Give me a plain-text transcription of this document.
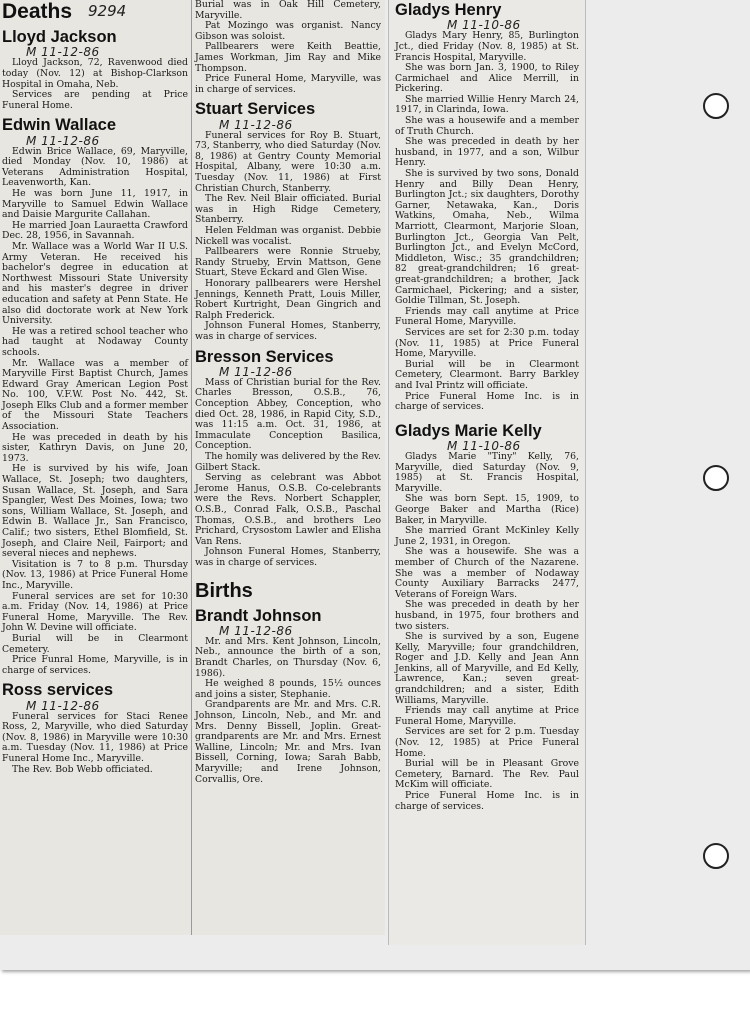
9294
Deaths
Lloyd Jackson

M 11-12-86

Lloyd Jackson, 72, Ravenwood died today (Nov. 12) at Bishop-Clarkson Hospital in Omaha, Neb.

Services are pending at Price Funeral Home.

Edwin Wallace

M 11-12-86

Edwin Brice Wallace, 69, Maryville, died Monday (Nov. 10, 1986) at Veterans Administration Hospital, Leavenworth, Kan.

He was born June 11, 1917, in Maryville to Samuel Edwin Wallace and Daisie Margurite Callahan.

He married Joan Lauraetta Crawford Dec. 28, 1956, in Savannah.

Mr. Wallace was a World War II U.S. Army Veteran. He received his bachelor's degree in education at Northwest Missouri State University and his master's degree in driver education and safety at Penn State. He also did doctorate work at New York University.

He was a retired school teacher who had taught at Nodaway County schools.

Mr. Wallace was a member of Maryville First Baptist Church, James Edward Gray American Legion Post No. 100, V.F.W. Post No. 442, St. Joseph Elks Club and a former member of the Missouri State Teachers Association.

He was preceded in death by his sister, Kathryn Davis, on June 20, 1973.

He is survived by his wife, Joan Wallace, St. Joseph; two daughters, Susan Wallace, St. Joseph, and Sara Spangler, West Des Moines, Iowa; two sons, William Wallace, St. Joseph, and Edwin B. Wallace Jr., San Francisco, Calif.; two sisters, Ethel Blomfield, St. Joseph, and Claire Neil, Fairport; and several nieces and nephews.

Visitation is 7 to 8 p.m. Thursday (Nov. 13, 1986) at Price Funeral Home Inc., Maryville.

Funeral services are set for 10:30 a.m. Friday (Nov. 14, 1986) at Price Funeral Home, Maryville. The Rev. John W. Devine will officiate.

Burial will be in Clearmont Cemetery.

Price Funral Home, Maryville, is in charge of services.

Ross services

M 11-12-86

Funeral services for Staci Renee Ross, 2, Maryville, who died Saturday (Nov. 8, 1986) in Maryville were 10:30 a.m. Tuesday (Nov. 11, 1986) at Price Funeral Home Inc., Maryville.

The Rev. Bob Webb officiated.

Burial was in Oak Hill Cemetery, Maryville.

Pat Mozingo was organist. Nancy Gibson was soloist.

Pallbearers were Keith Beattie, James Workman, Jim Ray and Mike Thompson.

Price Funeral Home, Maryville, was in charge of services.

Stuart Services

M 11-12-86

Funeral services for Roy B. Stuart, 73, Stanberry, who died Saturday (Nov. 8, 1986) at Gentry County Memorial Hospital, Albany, were 10:30 a.m. Tuesday (Nov. 11, 1986) at First Christian Church, Stanberry.

The Rev. Neil Blair officiated. Burial was in High Ridge Cemetery, Stanberry.

Helen Feldman was organist. Debbie Nickell was vocalist.

Pallbearers were Ronnie Strueby, Randy Strueby, Ervin Mattson, Gene Stuart, Steve Eckard and Glen Wise.

Honorary pallbearers were Hershel Jennings, Kenneth Pratt, Louis Miller, Robert Kurtright, Dean Gingrich and Ralph Frederick.

Johnson Funeral Homes, Stanberry, was in charge of services.

Bresson Services

M 11-12-86

Mass of Christian burial for the Rev. Charles Bresson, O.S.B., 76, Conception Abbey, Conception, who died Oct. 28, 1986, in Rapid City, S.D., was 11:15 a.m. Oct. 31, 1986, at Immaculate Conception Basilica, Conception.

The homily was delivered by the Rev. Gilbert Stack.

Serving as celebrant was Abbot Jerome Hanus, O.S.B. Co-celebrants were the Revs. Norbert Schappler, O.S.B., Conrad Falk, O.S.B., Paschal Thomas, O.S.B., and brothers Leo Prichard, Crysostom Lawler and Elisha Van Rens.

Johnson Funeral Homes, Stanberry, was in charge of services.

Births
Brandt Johnson

M 11-12-86

Mr. and Mrs. Kent Johnson, Lincoln, Neb., announce the birth of a son, Brandt Charles, on Thursday (Nov. 6, 1986).

He weighed 8 pounds, 15½ ounces and joins a sister, Stephanie.

Grandparents are Mr. and Mrs. C.R. Johnson, Lincoln, Neb., and Mr. and Mrs. Denny Bissell, Joplin. Great-grandparents are Mr. and Mrs. Ernest Walline, Lincoln; Mr. and Mrs. Ivan Bissell, Corning, Iowa; Sarah Babb, Maryville; and Irene Johnson, Corvallis, Ore.

Gladys Henry

M 11-10-86

Gladys Mary Henry, 85, Burlington Jct., died Friday (Nov. 8, 1985) at St. Francis Hospital, Maryville.

She was born Jan. 3, 1900, to Riley Carmichael and Alice Merrill, in Pickering.

She married Willie Henry March 24, 1917, in Clarinda, Iowa.

She was a housewife and a member of Truth Church.

She was preceded in death by her husband, in 1977, and a son, Wilbur Henry.

She is survived by two sons, Donald Henry and Billy Dean Henry, Burlington Jct.; six daughters, Dorothy Garner, Netawaka, Kan., Doris Watkins, Omaha, Neb., Wilma Marriott, Clearmont, Marjorie Sloan, Burlington Jct., Georgia Van Pelt, Burlington Jct., and Evelyn McCord, Middleton, Wisc.; 35 grandchildren; 82 great-grandchildren; 16 great-great-grandchildren; a brother, Jack Carmichael, Pickering; and a sister, Goldie Tillman, St. Joseph.

Friends may call anytime at Price Funeral Home, Maryville.

Services are set for 2:30 p.m. today (Nov. 11, 1985) at Price Funeral Home, Maryville.

Burial will be in Clearmont Cemetery, Clearmont. Barry Barkley and Ival Printz will officiate.

Price Funeral Home Inc. is in charge of services.

Gladys Marie Kelly

M 11-10-86

Gladys Marie "Tiny" Kelly, 76, Maryville, died Saturday (Nov. 9, 1985) at St. Francis Hospital, Maryville.

She was born Sept. 15, 1909, to George Baker and Martha (Rice) Baker, in Maryville.

She married Grant McKinley Kelly June 2, 1931, in Oregon.

She was a housewife. She was a member of Church of the Nazarene. She was a member of Nodaway County Auxiliary Barracks 2477, Veterans of Foreign Wars.

She was preceded in death by her husband, in 1975, four brothers and two sisters.

She is survived by a son, Eugene Kelly, Maryville; four grandchildren, Roger and J.D. Kelly and Jean Ann Jenkins, all of Maryville, and Ed Kelly, Lawrence, Kan.; seven great-grandchildren; and a sister, Edith Williams, Maryville.

Friends may call anytime at Price Funeral Home, Maryville.

Services are set for 2 p.m. Tuesday (Nov. 12, 1985) at Price Funeral Home.

Burial will be in Pleasant Grove Cemetery, Barnard. The Rev. Paul McKim will officiate.

Price Funeral Home Inc. is in charge of services.
